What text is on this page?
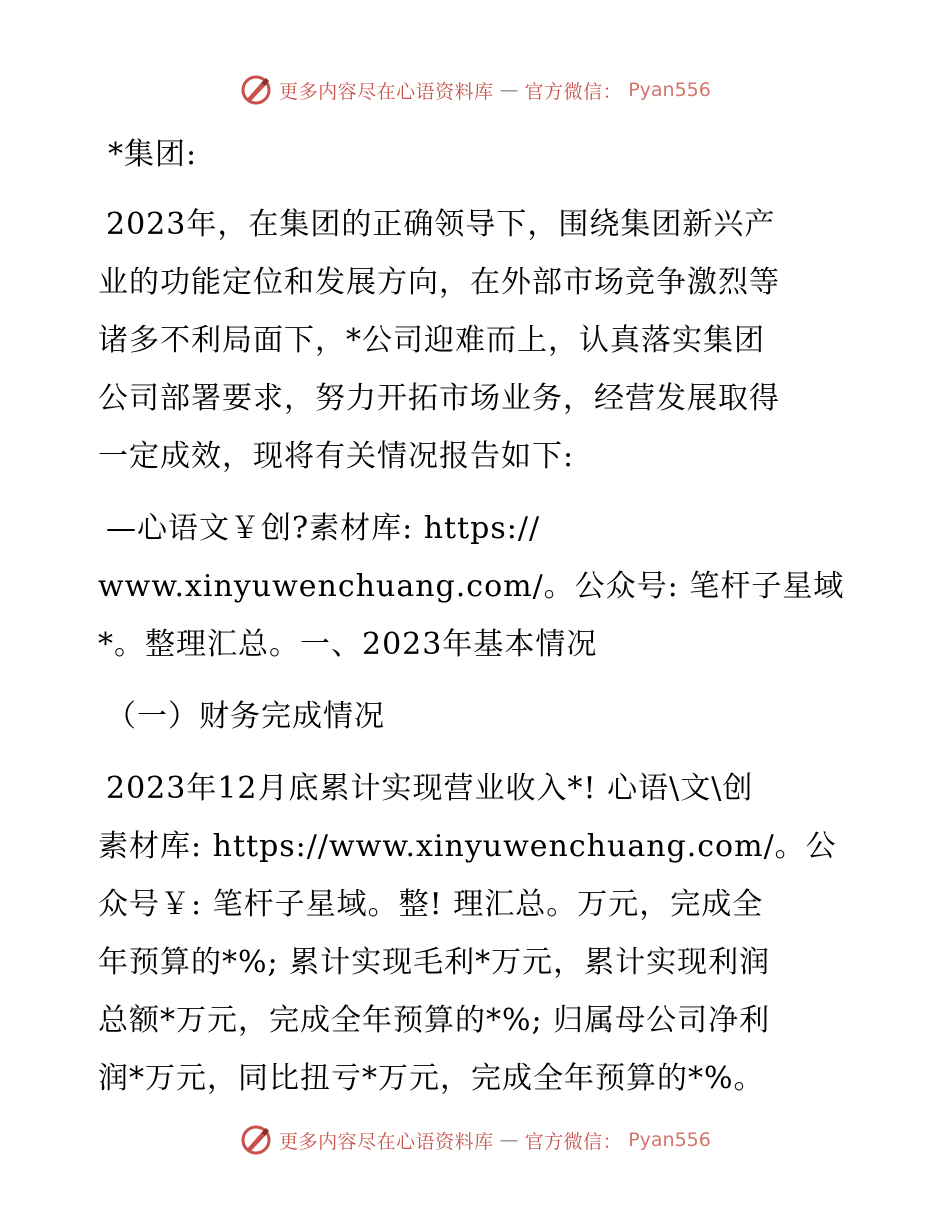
更多内容尽在心语资料库 — 官方微信： Pyan556

*集团:

2023年，在集团的正确领导下，围绕集团新兴产
业的功能定位和发展方向，在外部市场竞争激烈等
诸多不利局面下，*公司迎难而上，认真落实集团
公司部署要求，努力开拓市场业务，经营发展取得
一定成效，现将有关情况报告如下:

—心语文￥创?素材库: https://
www.xinyuwenchuang.com/。公众号: 笔杆子星域
*。整理汇总。一、2023年基本情况

（一）财务完成情况

2023年12月底累计实现营业收入*! 心语\文\创
素材库: https://www.xinyuwenchuang.com/。公
众号￥: 笔杆子星域。整! 理汇总。万元，完成全
年预算的*%; 累计实现毛利*万元，累计实现利润
总额*万元，完成全年预算的*%; 归属母公司净利
润*万元，同比扭亏*万元，完成全年预算的*%。

更多内容尽在心语资料库 — 官方微信： Pyan556
